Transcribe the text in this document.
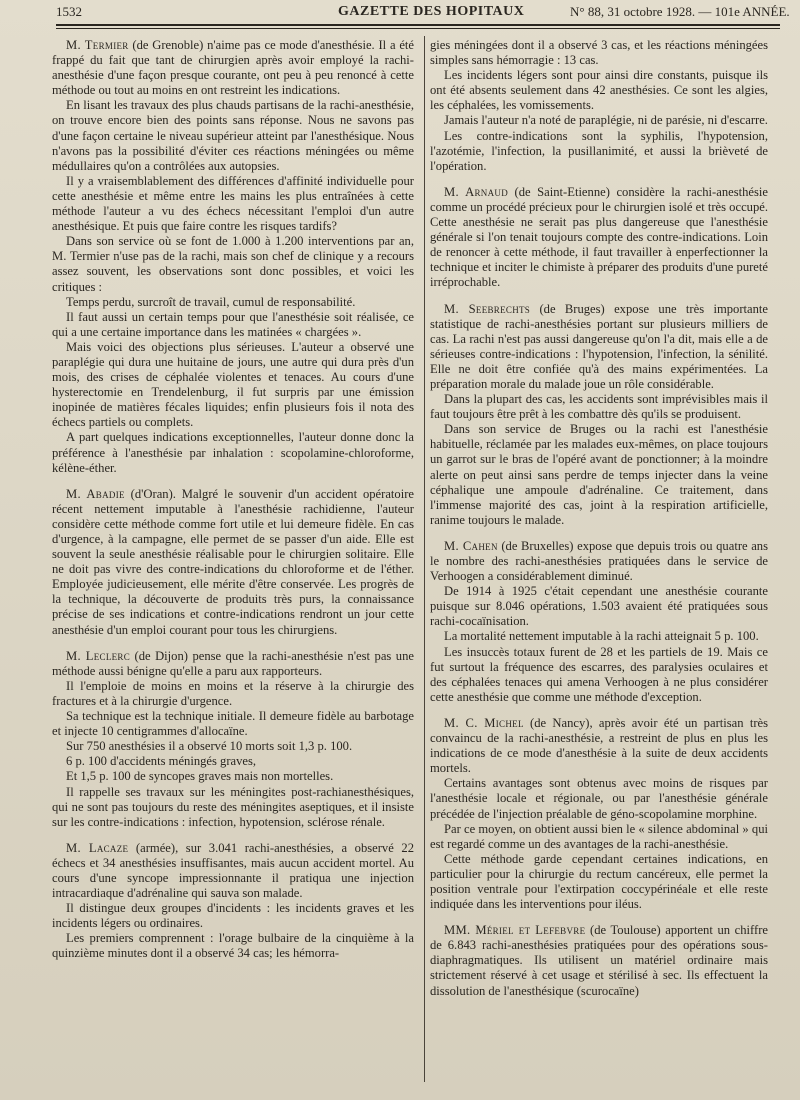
1532	GAZETTE DES HOPITAUX	N° 88, 31 octobre 1928. — 101e ANNÉE.

M. Termier (de Grenoble) n'aime pas ce mode d'anesthésie. Il a été frappé du fait que tant de chirurgien après avoir employé la rachi-anesthésie d'une façon presque courante, ont peu à peu renoncé à cette méthode ou tout au moins en ont restreint les indications.

En lisant les travaux des plus chauds partisans de la rachi-anesthésie, on trouve encore bien des points sans réponse. Nous ne savons pas d'une façon certaine le niveau supérieur atteint par l'anesthésique. Nous n'avons pas la possibilité d'éviter ces réactions méningées ou même médullaires qu'on a contrôlées aux autopsies.

Il y a vraisemblablement des différences d'affinité individuelle pour cette anesthésie et même entre les mains les plus entraînées à cette méthode l'auteur a vu des échecs nécessitant l'emploi d'un autre anesthésique. Et puis que faire contre les risques tardifs?

Dans son service où se font de 1.000 à 1.200 interventions par an, M. Termier n'use pas de la rachi, mais son chef de clinique y a recours assez souvent, les observations sont donc possibles, et voici les critiques :

Temps perdu, surcroît de travail, cumul de responsabilité.

Il faut aussi un certain temps pour que l'anesthésie soit réalisée, ce qui a une certaine importance dans les matinées « chargées ».

Mais voici des objections plus sérieuses. L'auteur a observé une paraplégie qui dura une huitaine de jours, une autre qui dura près d'un mois, des crises de céphalée violentes et tenaces. Au cours d'une hysterectomie en Trendelenburg, il fut surpris par une émission inopinée de matières fécales liquides; enfin plusieurs fois il nota des échecs partiels ou complets.

A part quelques indications exceptionnelles, l'auteur donne donc la préférence à l'anesthésie par inhalation : scopolamine-chloroforme, kélène-éther.

M. Abadie (d'Oran). Malgré le souvenir d'un accident opératoire récent nettement imputable à l'anesthésie rachidienne, l'auteur considère cette méthode comme fort utile et lui demeure fidèle. En cas d'urgence, à la campagne, elle permet de se passer d'un aide. Elle est souvent la seule anesthésie réalisable pour le chirurgien solitaire. Elle ne doit pas vivre des contre-indications du chloroforme et de l'éther. Employée judicieusement, elle mérite d'être conservée. Les progrès de la technique, la découverte de produits très purs, la connaissance précise de ses indications et contre-indications rendront un jour cette anesthésie d'un emploi courant pour tous les chirurgiens.

M. Leclerc (de Dijon) pense que la rachi-anesthésie n'est pas une méthode aussi bénigne qu'elle a paru aux rapporteurs.

Il l'emploie de moins en moins et la réserve à la chirurgie des fractures et à la chirurgie d'urgence.

Sa technique est la technique initiale. Il demeure fidèle au barbotage et injecte 10 centigrammes d'allocaïne.

Sur 750 anesthésies il a observé 10 morts soit 1,3 p. 100.

6 p. 100 d'accidents méningés graves,

Et 1,5 p. 100 de syncopes graves mais non mortelles.

Il rappelle ses travaux sur les méningites post-rachianesthésiques, qui ne sont pas toujours du reste des méningites aseptiques, et il insiste sur les contre-indications : infection, hypotension, sclérose rénale.

M. Lacaze (armée), sur 3.041 rachi-anesthésies, a observé 22 échecs et 34 anesthésies insuffisantes, mais aucun accident mortel. Au cours d'une syncope impressionnante il pratiqua une injection intracardiaque d'adrénaline qui sauva son malade.

Il distingue deux groupes d'incidents : les incidents graves et les incidents légers ou ordinaires.

Les premiers comprennent : l'orage bulbaire de la cinquième à la quinzième minutes dont il a observé 34 cas; les hémorra-

gies méningées dont il a observé 3 cas, et les réactions méningées simples sans hémorragie : 13 cas.

Les incidents légers sont pour ainsi dire constants, puisque ils ont été absents seulement dans 42 anesthésies. Ce sont les algies, les céphalées, les vomissements.

Jamais l'auteur n'a noté de paraplégie, ni de parésie, ni d'escarre.

Les contre-indications sont la syphilis, l'hypotension, l'azotémie, l'infection, la pusillanimité, et aussi la brièveté de l'opération.

M. Arnaud (de Saint-Etienne) considère la rachi-anesthésie comme un procédé précieux pour le chirurgien isolé et très occupé. Cette anesthésie ne serait pas plus dangereuse que l'anesthésie générale si l'on tenait toujours compte des contre-indications. Loin de renoncer à cette méthode, il faut travailler à enperfectionner la technique et inciter le chimiste à préparer des produits d'une pureté irréprochable.

M. Seebrechts (de Bruges) expose une très importante statistique de rachi-anesthésies portant sur plusieurs milliers de cas. La rachi n'est pas aussi dangereuse qu'on l'a dit, mais elle a de sérieuses contre-indications : l'hypotension, l'infection, la sénilité. Elle ne doit être confiée qu'à des mains expérimentées. La préparation morale du malade joue un rôle considérable.

Dans la plupart des cas, les accidents sont imprévisibles mais il faut toujours être prêt à les combattre dès qu'ils se produisent.

Dans son service de Bruges ou la rachi est l'anesthésie habituelle, réclamée par les malades eux-mêmes, on place toujours un garrot sur le bras de l'opéré avant de ponctionner; à la moindre alerte on peut ainsi sans perdre de temps injecter dans la veine céphalique une ampoule d'adrénaline. Ce traitement, dans l'immense majorité des cas, joint à la respiration artificielle, ranime toujours le malade.

M. Cahen (de Bruxelles) expose que depuis trois ou quatre ans le nombre des rachi-anesthésies pratiquées dans le service de Verhoogen a considérablement diminué.

De 1914 à 1925 c'était cependant une anesthésie courante puisque sur 8.046 opérations, 1.503 avaient été pratiquées sous rachi-cocaïnisation.

La mortalité nettement imputable à la rachi atteignait 5 p. 100.

Les insuccès totaux furent de 28 et les partiels de 19. Mais ce fut surtout la fréquence des escarres, des paralysies oculaires et des céphalées tenaces qui amena Verhoogen à ne plus considérer cette anesthésie que comme une méthode d'exception.

M. C. Michel (de Nancy), après avoir été un partisan très convaincu de la rachi-anesthésie, a restreint de plus en plus les indications de ce mode d'anesthésie à la suite de deux accidents mortels.

Certains avantages sont obtenus avec moins de risques par l'anesthésie locale et régionale, ou par l'anesthésie générale précédée de l'injection préalable de géno-scopolamine morphine.

Par ce moyen, on obtient aussi bien le « silence abdominal » qui est regardé comme un des avantages de la rachi-anesthésie.

Cette méthode garde cependant certaines indications, en particulier pour la chirurgie du rectum cancéreux, elle permet la position ventrale pour l'extirpation coccypérinéale et elle reste indiquée dans les interventions pour iléus.

MM. Mériel et Lefebvre (de Toulouse) apportent un chiffre de 6.843 rachi-anesthésies pratiquées pour des opérations sous-diaphragmatiques. Ils utilisent un matériel ordinaire mais strictement réservé à cet usage et stérilisé à sec. Ils effectuent la dissolution de l'anesthésique (scurocaïne)
